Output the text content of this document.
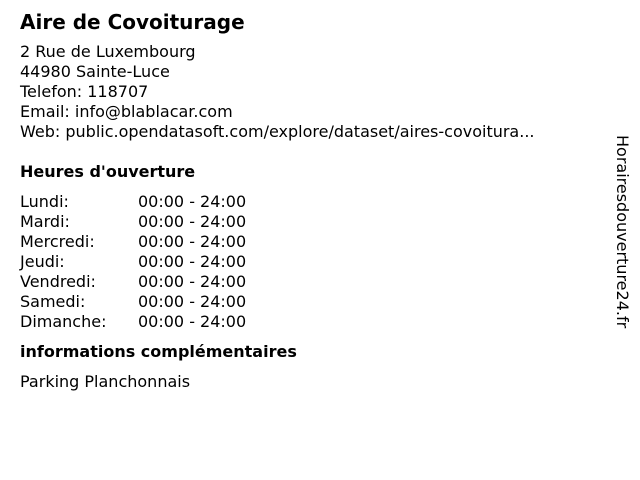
Aire de Covoiturage
2 Rue de Luxembourg
44980 Sainte-Luce
Telefon: 118707
Email: info@blablacar.com
Web: public.opendatasoft.com/explore/dataset/aires-covoitura...
Heures d'ouverture
Lundi:	00:00 - 24:00
Mardi:	00:00 - 24:00
Mercredi:	00:00 - 24:00
Jeudi:	00:00 - 24:00
Vendredi:	00:00 - 24:00
Samedi:	00:00 - 24:00
Dimanche:	00:00 - 24:00
informations complémentaires
Parking Planchonnais
Horairesdouverture24.fr
